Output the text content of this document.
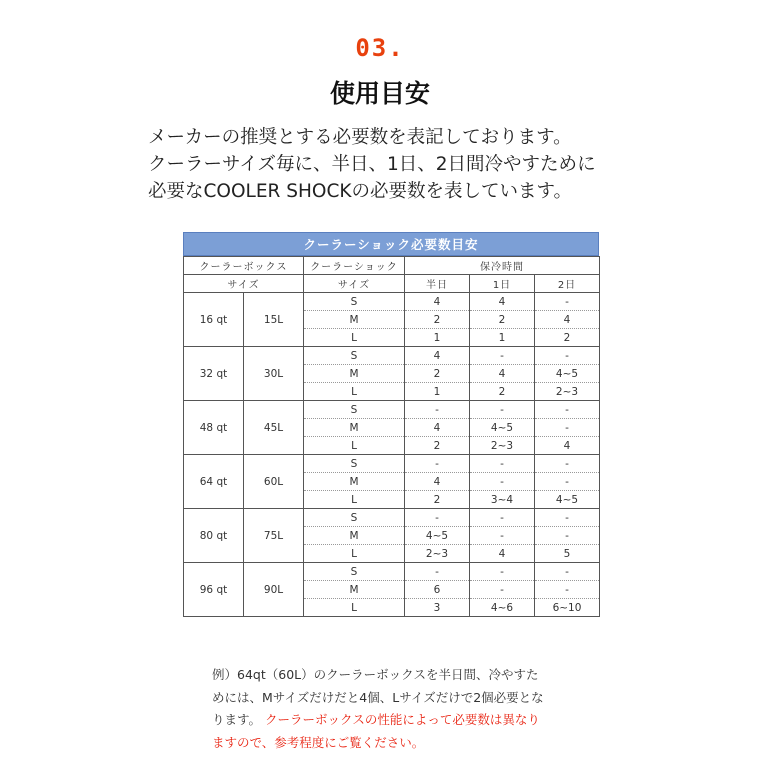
03.
使用目安
メーカーの推奨とする必要数を表記しております。
クーラーサイズ毎に、半日、1日、2日間冷やすために
必要なCOOLER SHOCKの必要数を表しています。
クーラーショック必要数目安
クーラーボックス		クーラーショック	保冷時間		
サイズ		サイズ	半日	1日	2日
16 qt	15L	S	4	4	-
		M	2	2	4
		L	1	1	2
32 qt	30L	S	4	-	-
		M	2	4	4~5
		L	1	2	2~3
48 qt	45L	S	-	-	-
		M	4	4~5	-
		L	2	2~3	4
64 qt	60L	S	-	-	-
		M	4	-	-
		L	2	3~4	4~5
80 qt	75L	S	-	-	-
		M	4~5	-	-
		L	2~3	4	5
96 qt	90L	S	-	-	-
		M	6	-	-
		L	3	4~6	6~10
例）64qt（60L）のクーラーボックスを半日間、冷やすた
めには、Mサイズだけだと4個、Lサイズだけで2個必要とな
ります。 クーラーボックスの性能によって必要数は異なり
ますので、参考程度にご覧ください。
